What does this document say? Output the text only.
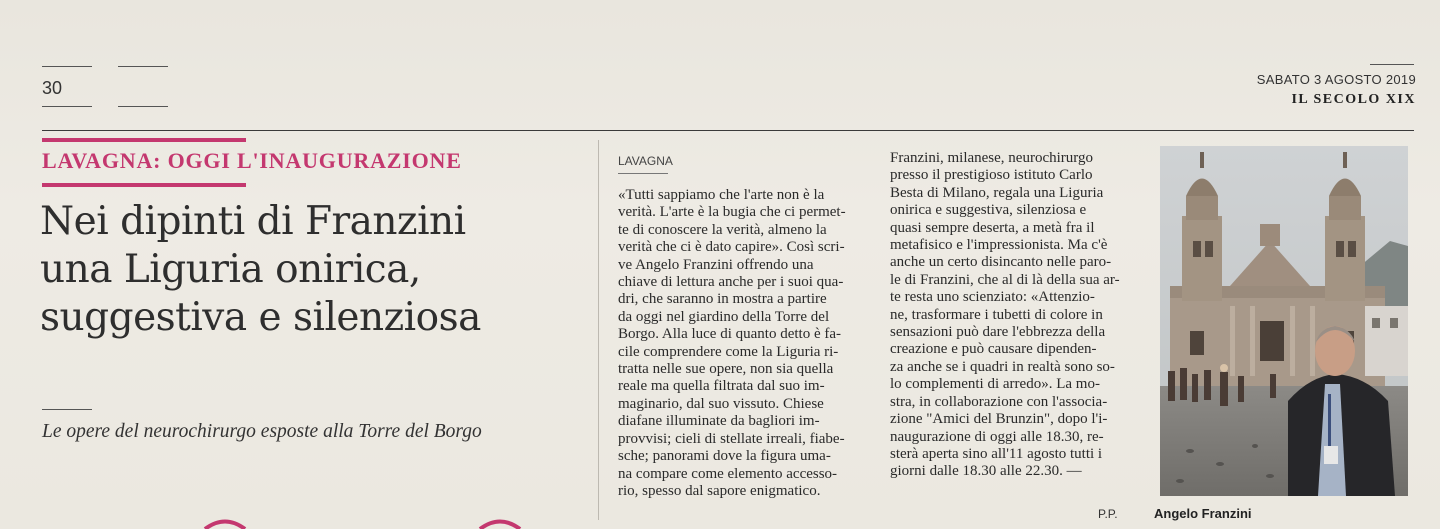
30	SABATO 3 AGOSTO 2019
IL SECOLO XIX
LAVAGNA: OGGI L'INAUGURAZIONE
Nei dipinti di Franzini
una Liguria onirica,
suggestiva e silenziosa
Le opere del neurochirurgo esposte alla Torre del Borgo
LAVAGNA
«Tutti sappiamo che l'arte non è la
verità. L'arte è la bugia che ci permet-
te di conoscere la verità, almeno la
verità che ci è dato capire». Così scri-
ve Angelo Franzini offrendo una
chiave di lettura anche per i suoi qua-
dri, che saranno in mostra a partire
da oggi nel giardino della Torre del
Borgo. Alla luce di quanto detto è fa-
cile comprendere come la Liguria ri-
tratta nelle sue opere, non sia quella
reale ma quella filtrata dal suo im-
maginario, dal suo vissuto. Chiese
diafane illuminate da bagliori im-
provvisi; cieli di stellate irreali, fiabe-
sche; panorami dove la figura uma-
na compare come elemento accesso-
rio, spesso dal sapore enigmatico.
Franzini, milanese, neurochirurgo
presso il prestigioso istituto Carlo
Besta di Milano, regala una Liguria
onirica e suggestiva, silenziosa e
quasi sempre deserta, a metà fra il
metafisico e l'impressionista. Ma c'è
anche un certo disincanto nelle paro-
le di Franzini, che al di là della sua ar-
te resta uno scienziato: «Attenzio-
ne, trasformare i tubetti di colore in
sensazioni può dare l'ebbrezza della
creazione e può causare dipenden-
za anche se i quadri in realtà sono so-
lo complementi di arredo». La mo-
stra, in collaborazione con l'associa-
zione "Amici del Brunzin", dopo l'i-
naugurazione di oggi alle 18.30, re-
sterà aperta sino all'11 agosto tutti i
giorni dalle 18.30 alle 22.30. —
P.P.	Angelo Franzini
